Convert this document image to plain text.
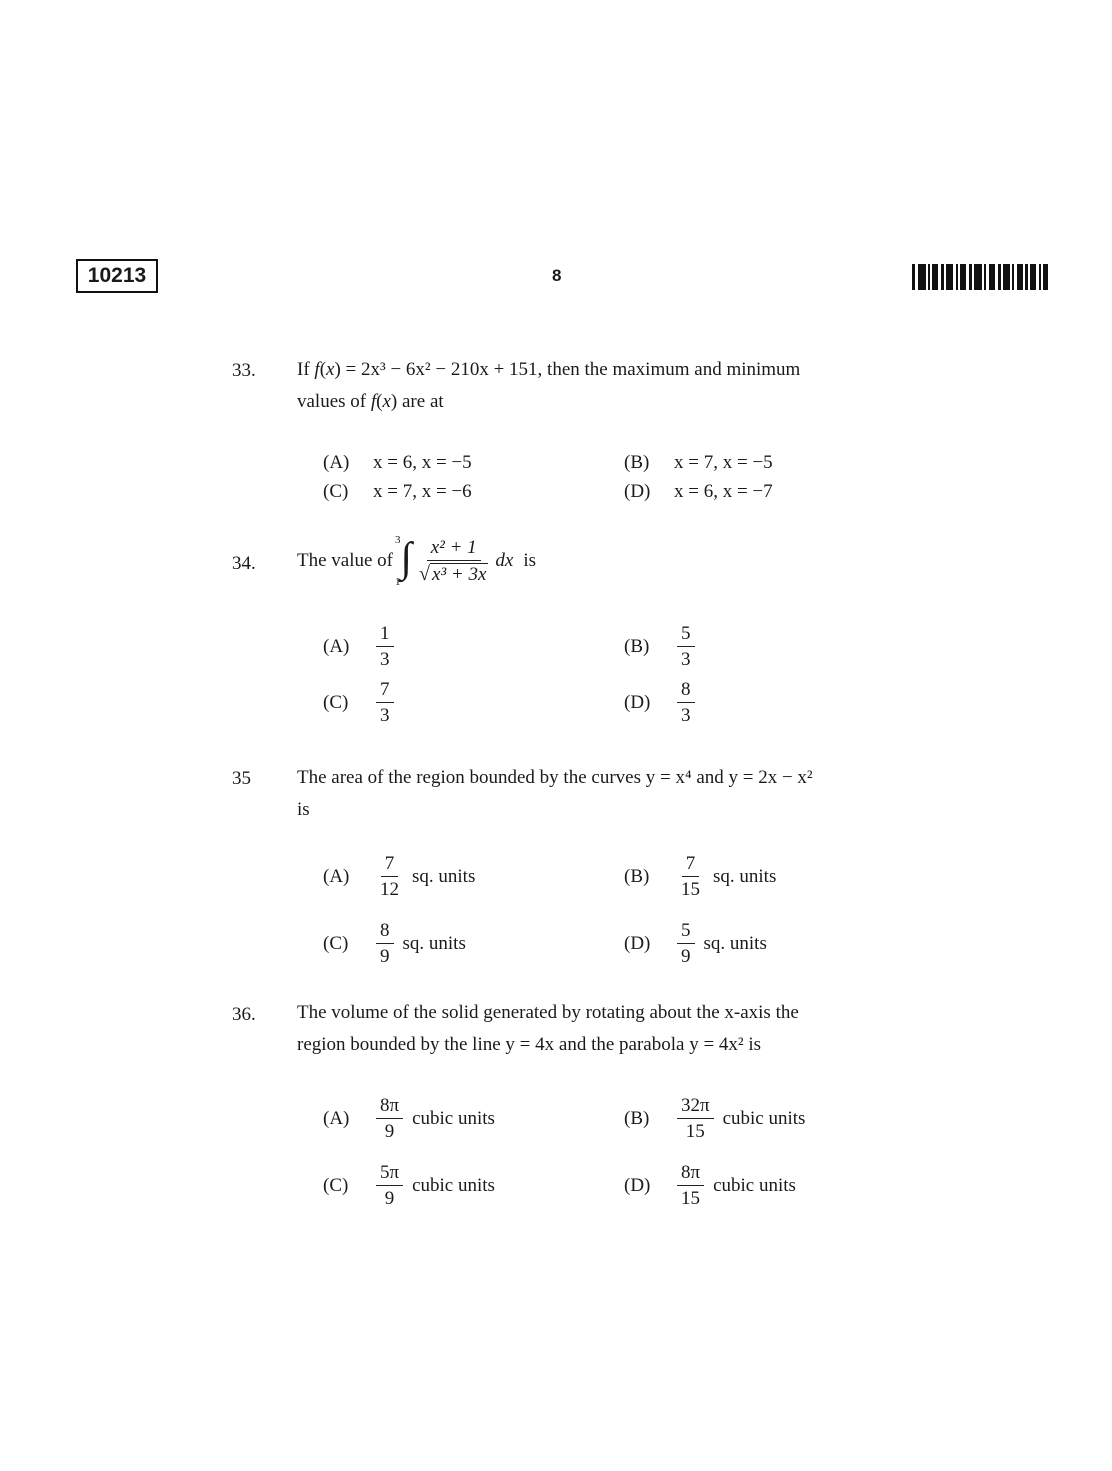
10213	8
33. If f(x) = 2x³ − 6x² − 210x + 151, then the maximum and minimum
values of f(x) are at
(A)	x = 6, x = −5	(B)	x = 7, x = −5
(C)	x = 7, x = −6	(D)	x = 6, x = −7
34. The value of
3
1
∫ $\frac{\text{x² + 1}}{\text{√ x³ + 3x}}$ dx is
(A)	$\frac{1}{3}$	(B)	$\frac{5}{3}$
(C)	$\frac{7}{3}$	(D)	$\frac{8}{3}$
35 The area of the region bounded by the curves y = x⁴ and y = 2x − x²
is
(A)	$\frac{7}{12}$ sq. units	(B)	$\frac{7}{15}$ sq. units
(C)	$\frac{8}{9}$ sq. units	(D)	$\frac{5}{9}$ sq. units
36. The volume of the solid generated by rotating about the x-axis the
region bounded by the line y = 4x and the parabola y = 4x² is
(A)	$\frac{8\pi}{9}$ cubic units	(B)	$\frac{32\pi}{15}$ cubic units
(C)	$\frac{5\pi}{9}$ cubic units	(D)	$\frac{8\pi}{15}$ cubic units
